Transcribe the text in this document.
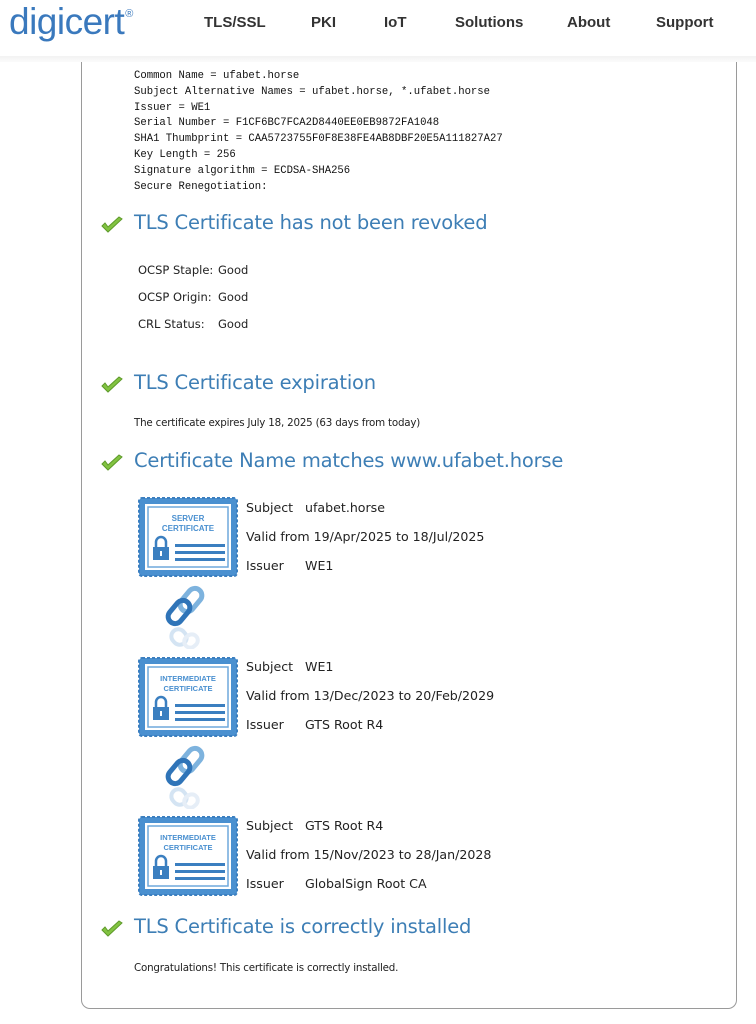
digicert®
TLS/SSL	PKI	IoT	Solutions	About	Support
Common Name = ufabet.horse
Subject Alternative Names = ufabet.horse, *.ufabet.horse
Issuer = WE1
Serial Number = F1CF6BC7FCA2D8440EE0EB9872FA1048
SHA1 Thumbprint = CAA5723755F0F8E38FE4AB8DBF20E5A111827A27
Key Length = 256
Signature algorithm = ECDSA-SHA256
Secure Renegotiation:
TLS Certificate has not been revoked
OCSP Staple: Good
OCSP Origin: Good
CRL Status: Good
TLS Certificate expiration
The certificate expires July 18, 2025 (63 days from today)
Certificate Name matches www.ufabet.horse
SERVER
CERTIFICATE
Subject ufabet.horse
Valid from 19/Apr/2025 to 18/Jul/2025
Issuer WE1
INTERMEDIATE
CERTIFICATE
Subject WE1
Valid from 13/Dec/2023 to 20/Feb/2029
Issuer GTS Root R4
INTERMEDIATE
CERTIFICATE
Subject GTS Root R4
Valid from 15/Nov/2023 to 28/Jan/2028
Issuer GlobalSign Root CA
TLS Certificate is correctly installed
Congratulations! This certificate is correctly installed.
